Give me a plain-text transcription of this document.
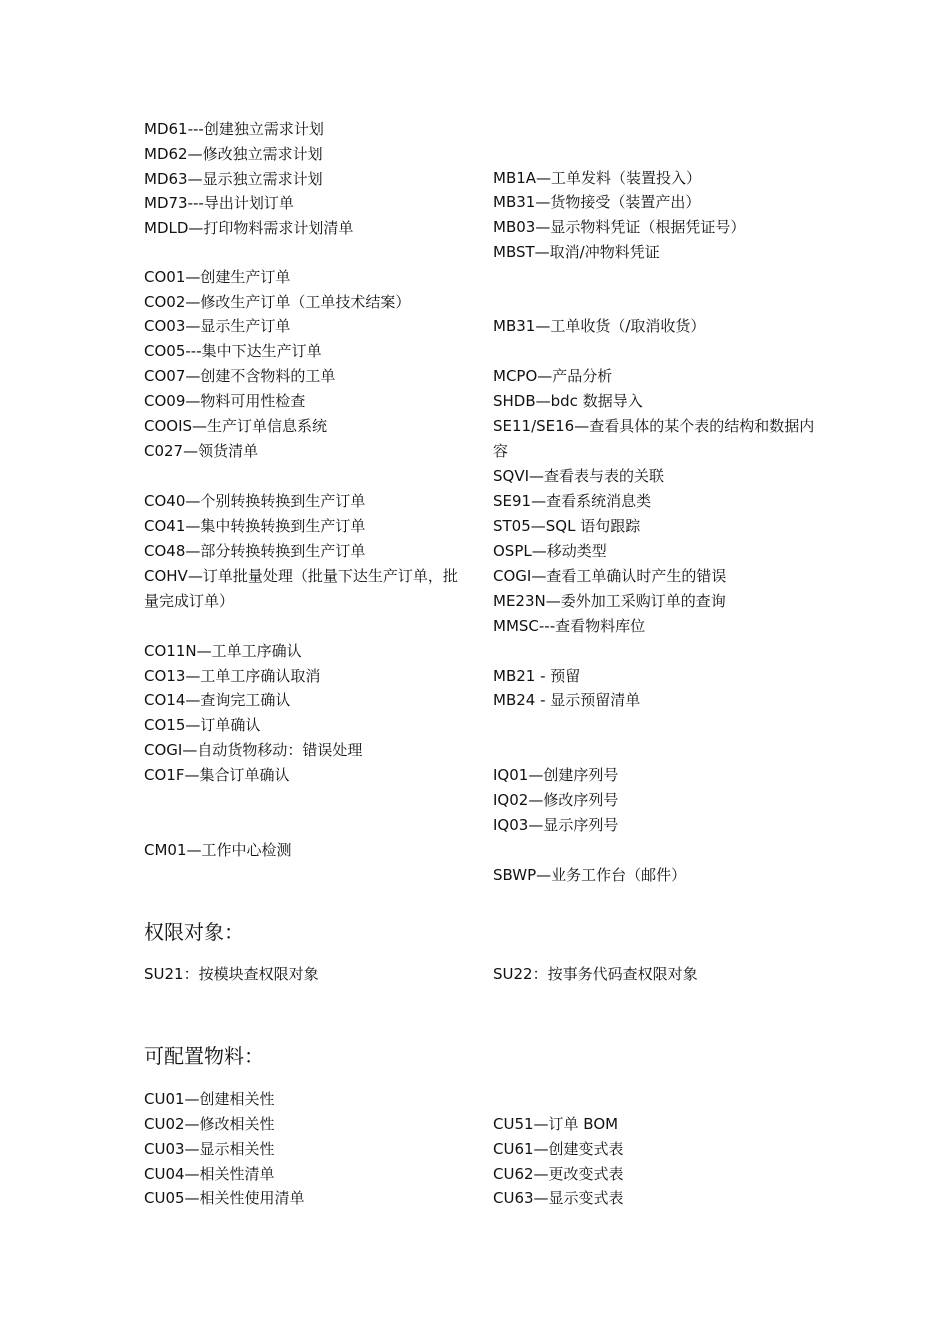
MD61---创建独立需求计划
MD62—修改独立需求计划
MD63—显示独立需求计划
MD73---导出计划订单
MDLD—打印物料需求计划清单
CO01—创建生产订单
CO02—修改生产订单（工单技术结案）
CO03—显示生产订单
CO05---集中下达生产订单
CO07—创建不含物料的工单
CO09—物料可用性检查
COOIS—生产订单信息系统
C027—领货清单
CO40—个别转换转换到生产订单
CO41—集中转换转换到生产订单
CO48—部分转换转换到生产订单
COHV—订单批量处理（批量下达生产订单，批量完成订单）
CO11N—工单工序确认
CO13—工单工序确认取消
CO14—查询完工确认
CO15—订单确认
COGI—自动货物移动：错误处理
CO1F—集合订单确认
CM01—工作中心检测
MB1A—工单发料（装置投入）
MB31—货物接受（装置产出）
MB03—显示物料凭证（根据凭证号）
MBST—取消/冲物料凭证
MB31—工单收货（/取消收货）
MCPO—产品分析
SHDB—bdc 数据导入
SE11/SE16—查看具体的某个表的结构和数据内容
SQVI—查看表与表的关联
SE91—查看系统消息类
ST05—SQL 语句跟踪
OSPL—移动类型
COGI—查看工单确认时产生的错误
ME23N—委外加工采购订单的查询
MMSC---查看物料库位
MB21 - 预留
MB24 - 显示预留清单
IQ01—创建序列号
IQ02—修改序列号
IQ03—显示序列号
SBWP—业务工作台（邮件）
权限对象：
SU21：按模块查权限对象	SU22：按事务代码查权限对象
可配置物料：
CU01—创建相关性
CU02—修改相关性
CU03—显示相关性
CU04—相关性清单
CU05—相关性使用清单
CU51—订单 BOM
CU61—创建变式表
CU62—更改变式表
CU63—显示变式表
